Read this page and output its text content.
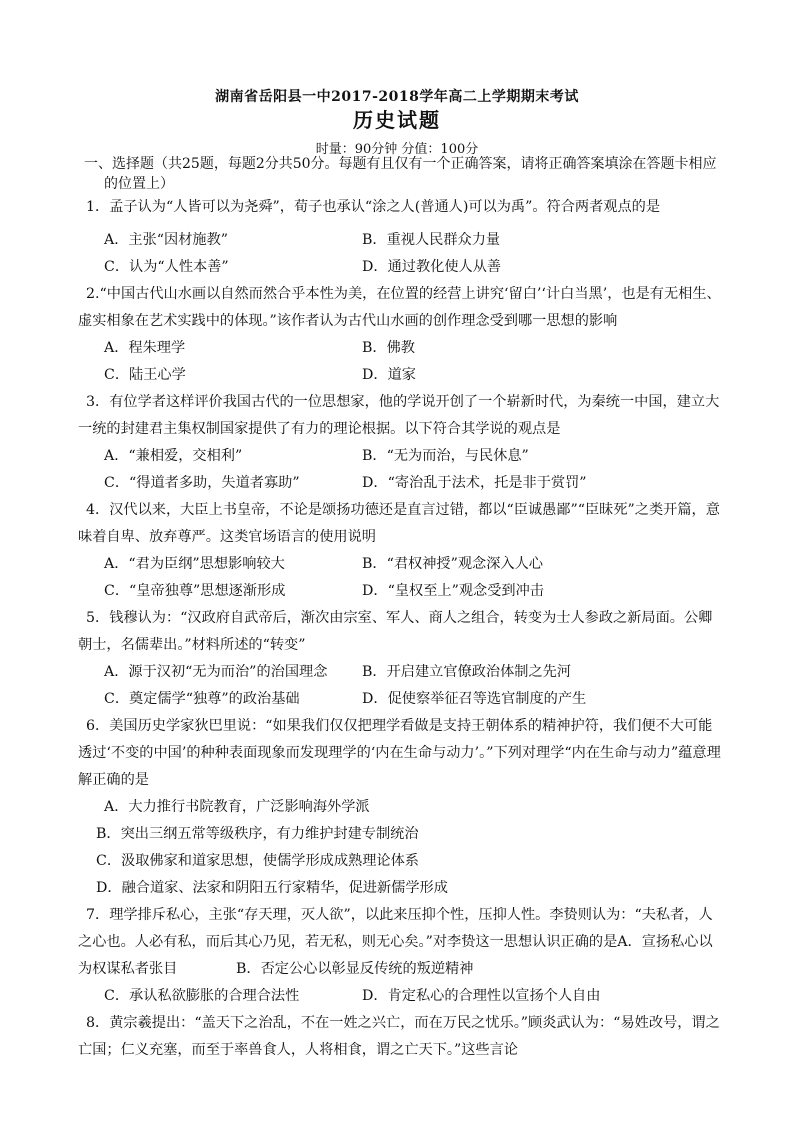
湖南省岳阳县一中2017-2018学年高二上学期期末考试
历史试题
时量：90分钟 分值：100分

一、选择题（共25题，每题2分共50分。每题有且仅有一个正确答案，请将正确答案填涂在答题卡相应的位置上）

1．孟子认为“人皆可以为尧舜”，荀子也承认“涂之人(普通人)可以为禹”。符合两者观点的是

A．主张“因材施教”	B．重视人民群众力量
C．认为“人性本善”	D．通过教化使人从善

2.“中国古代山水画以自然而然合乎本性为美，在位置的经营上讲究‘留白’‘计白当黑’，也是有无相生、虚实相象在艺术实践中的体现。”该作者认为古代山水画的创作理念受到哪一思想的影响

A．程朱理学	B．佛教
C．陆王心学	D．道家

3．有位学者这样评价我国古代的一位思想家，他的学说开创了一个崭新时代，为秦统一中国，建立大一统的封建君主集权制国家提供了有力的理论根据。以下符合其学说的观点是

A．“兼相爱，交相利”	B．“无为而治，与民休息”
C．“得道者多助，失道者寡助”	D．“寄治乱于法术，托是非于赏罚”

4．汉代以来，大臣上书皇帝，不论是颂扬功德还是直言过错，都以“臣诚愚鄙”“臣昧死”之类开篇，意味着自卑、放弃尊严。这类官场语言的使用说明

A．“君为臣纲”思想影响较大	B．“君权神授”观念深入人心
C．“皇帝独尊”思想逐渐形成	D．“皇权至上”观念受到冲击

5．钱穆认为：“汉政府自武帝后，渐次由宗室、军人、商人之组合，转变为士人参政之新局面。公卿朝士，名儒辈出。”材料所述的“转变”

A．源于汉初“无为而治”的治国理念	B．开启建立官僚政治体制之先河
C．奠定儒学“独尊”的政治基础	D．促使察举征召等选官制度的产生

6．美国历史学家狄巴里说：“如果我们仅仅把理学看做是支持王朝体系的精神护符，我们便不大可能透过‘不变的中国’的种种表面现象而发现理学的‘内在生命与动力’。”下列对理学“内在生命与动力”蕴意理解正确的是

A．大力推行书院教育，广泛影响海外学派
B．突出三纲五常等级秩序，有力维护封建专制统治
C．汲取佛家和道家思想，使儒学形成成熟理论体系
D．融合道家、法家和阴阳五行家精华，促进新儒学形成

7．理学排斥私心，主张“存天理，灭人欲”，以此来压抑个性，压抑人性。李贽则认为：“夫私者，人之心也。人必有私，而后其心乃见，若无私，则无心矣。”对李贽这一思想认识正确的是A．宣扬私心以为权谋私者张目	B．否定公心以彰显反传统的叛逆精神
C．承认私欲膨胀的合理合法性	D．肯定私心的合理性以宣扬个人自由

8．黄宗羲提出：“盖天下之治乱，不在一姓之兴亡，而在万民之忧乐。”顾炎武认为：“易姓改号，谓之亡国；仁义充塞，而至于率兽食人，人将相食，谓之亡天下。”这些言论
